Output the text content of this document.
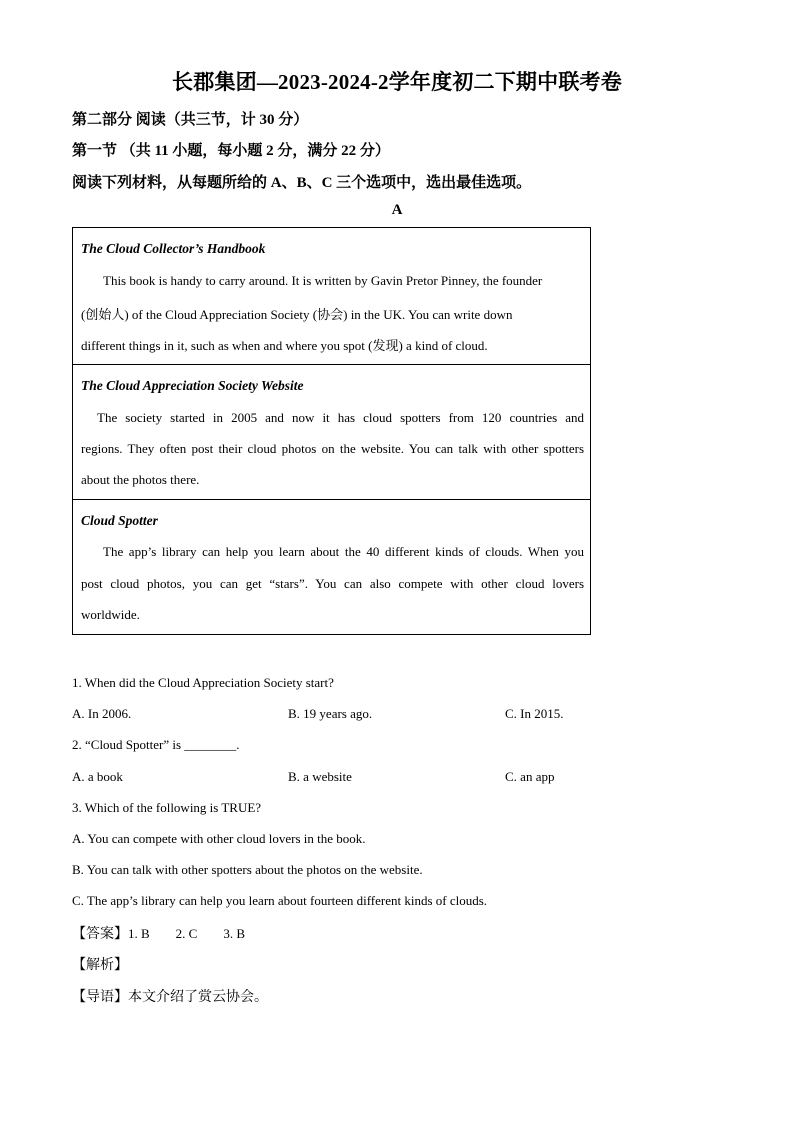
长郡集团—2023-2024-2学年度初二下期中联考卷
第二部分 阅读（共三节，计 30 分）
第一节 （共 11 小题，每小题 2 分，满分 22 分）
阅读下列材料，从每题所给的 A、B、C 三个选项中，选出最佳选项。
A
The Cloud Collector’s Handbook
This book is handy to carry around. It is written by Gavin Pretor Pinney, the founder
(创始人) of the Cloud Appreciation Society (协会) in the UK. You can write down
different things in it, such as when and where you spot (发现) a kind of cloud.
The Cloud Appreciation Society Website
The society started in 2005 and now it has cloud spotters from 120 countries and
regions. They often post their cloud photos on the website. You can talk with other spotters
about the photos there.
Cloud Spotter
The app’s library can help you learn about the 40 different kinds of clouds. When you
post cloud photos, you can get “stars”. You can also compete with other cloud lovers
worldwide.
1. When did the Cloud Appreciation Society start?
A. In 2006.	B. 19 years ago.	C. In 2015.
2. “Cloud Spotter” is ________.
A. a book	B. a website	C. an app
3. Which of the following is TRUE?
A. You can compete with other cloud lovers in the book.
B. You can talk with other spotters about the photos on the website.
C. The app’s library can help you learn about fourteen different kinds of clouds.
【答案】1. B 2. C 3. B
【解析】
【导语】本文介绍了赏云协会。
